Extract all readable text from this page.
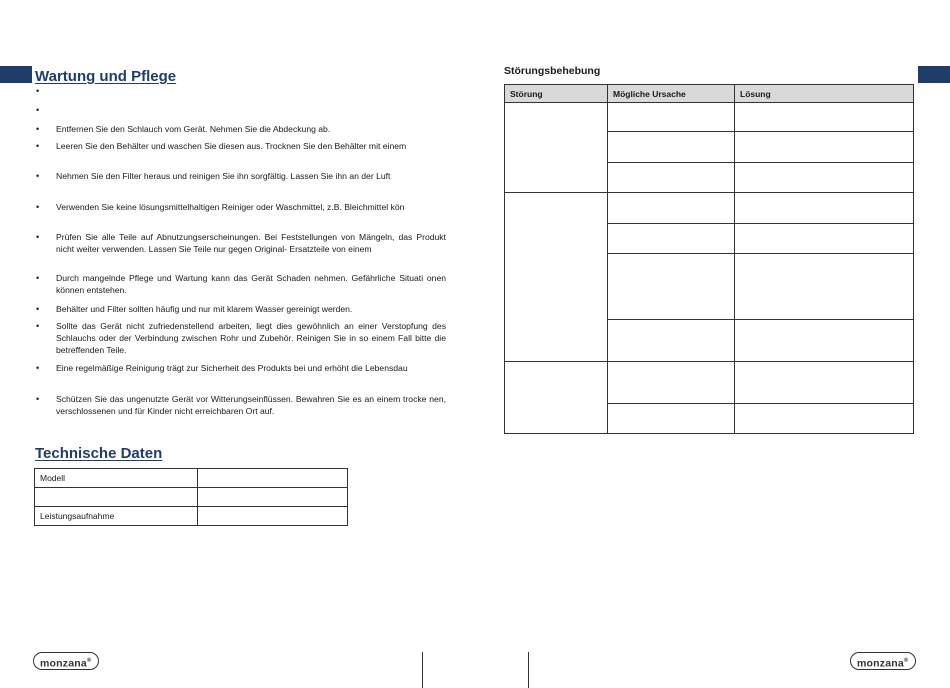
Wartung und Pflege
• Entfernen Sie den Schlauch vom Gerät. Nehmen Sie die Abdeckung ab.
• Leeren Sie den Behälter und waschen Sie diesen aus. Trocknen Sie den Behälter mit einem
• Nehmen Sie den Filter heraus und reinigen Sie ihn sorgfältig. Lassen Sie ihn an der Luft
• Verwenden Sie keine lösungsmittelhaltigen Reiniger oder Waschmittel, z.B. Bleichmittel kön
• Prüfen Sie alle Teile auf Abnutzungserscheinungen. Bei Feststellungen von Mängeln, das Produkt nicht weiter verwenden. Lassen Sie Teile nur gegen Original- Ersatzteile von einem
• Durch mangelnde Pflege und Wartung kann das Gerät Schaden nehmen. Gefährliche Situati onen können entstehen.
• Behälter und Filter sollten häufig und nur mit klarem Wasser gereinigt werden.
• Sollte das Gerät nicht zufriedenstellend arbeiten, liegt dies gewöhnlich an einer Verstopfung des Schlauchs oder der Verbindung zwischen Rohr und Zubehör. Reinigen Sie in so einem Fall bitte die betreffenden Teile.
• Eine regelmäßige Reinigung trägt zur Sicherheit des Produkts bei und erhöht die Lebensdau
• Schützen Sie das ungenutzte Gerät vor Witterungseinflüssen. Bewahren Sie es an einem trocke nen, verschlossenen und für Kinder nicht erreichbaren Ort auf.
Technische Daten
Modell	

Leistungsaufnahme	
Störungsbehebung
Störung	Mögliche Ursache	Lösung

monzana®	monzana®
